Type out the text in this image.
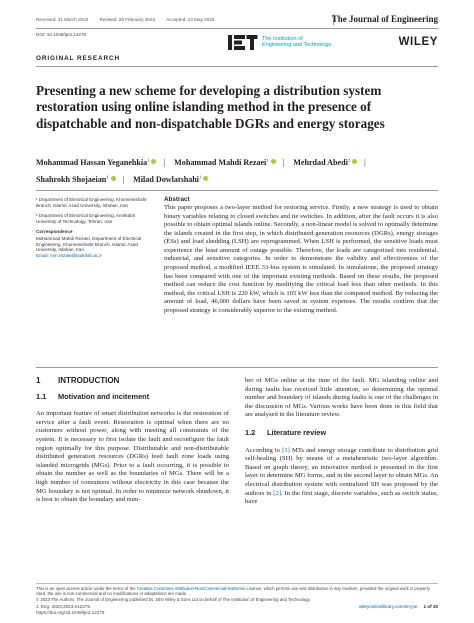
Received: 31 March 2022 Revised: 28 February 2023 Accepted: 23 May 2023	The Journal of Engineering
DOI: 10.1049/tje2.12279
The Institution of
Engineering and Technology	WILEY
ORIGINAL RESEARCH
Presenting a new scheme for developing a distribution system restoration using online islanding method in the presence of dispatchable and non-dispatchable DGRs and energy storages
Mohammad Hassan Yeganehkia$^1$ | Mohammad Mahdi Rezaei$^1$ | Mehrdad Abedi$^2$ |
Shahrokh Shojaeian$^1$ | Milad Dowlatshahi$^1$

¹ Department of Electrical Engineering, Khomeinishahr Branch, Islamic Azad University, Isfahan, Iran

² Department of Electrical Engineering, Amirkabir University of Technology, Tehran, Iran

Correspondence

Mohammad Mahdi Rezaei, Department of Electrical Engineering, Khomeinishahr Branch, Islamic Azad University, Isfahan, Iran.
Email: mm.rezaei@iaukhsh.ac.ir

Abstract
This paper proposes a two-layer method for restoring service. Firstly, a new strategy is used to obtain binary variables relating to closed switches and tie switches. In addition, after the fault occurs it is also possible to obtain optimal islands online. Secondly, a non-linear model is solved to optimally determine the islands created in the first step, in which distributed generation resources (DGRs), energy storages (ESs) and load shedding (LSH) are reprogrammed. When LSH is performed, the sensitive loads must experience the least amount of outage possible. Therefore, the loads are categorized into residential, industrial, and sensitive categories. In order to demonstrate the validity and effectiveness of the proposed method, a modified IEEE 33-bus system is simulated. In simulations, the proposed strategy has been compared with one of the important existing methods. Based on these results, the proposed method can reduce the cost function by modifying the critical load less than other methods. In this method, the critical LSH is 220 kW, which is 105 kW less than the compared method. By reducing the amount of load, 46,000 dollars have been saved in system expenses. The results confirm that the proposed strategy is considerably superior to the existing method.
1 INTRODUCTION
1.1 Motivation and incitement

An important feature of smart distribution networks is the restoration of service after a fault event. Restoration is optimal when there are no customers without power, along with meeting all constraints of the system. It is necessary to first isolate the fault and reconfigure the fault region optimally for this purpose. Distributable and non-distributable distributed generation resources (DGRs) feed fault zone loads using islanded microgrids (MGs). Prior to a fault occurring, it is possible to obtain the number as well as the boundaries of MGs. There will be a high number of consumers without electricity in this case because the MG boundary is not optimal. In order to minimize network shutdown, it is best to obtain the boundary and num-

ber of MGs online at the time of the fault. MG islanding online and during faults has received little attention, so determining the optimal number and boundary of islands during faults is one of the challenges in the discussion of MGs. Various works have been done in this field that are analysed in the literature review.

1.2 Literature review

According to [1] MTs and energy storage contribute to distribution grid self-healing (SH) by means of a metaheuristic two-layer algorithm. Based on graph theory, an innovative method is presented in the first layer to determine MG forms, and in the second layer to obtain MGs. An electrical distribution system with centralized SH was proposed by the authors in [2]. In the first stage, discrete variables, such as switch status, have

This is an open access article under the terms of the Creative Commons Attribution-NonCommercial-NoDerivs License, which permits use and distribution in any medium, provided the original work is properly cited, the use is non-commercial and no modifications or adaptations are made.
© 2023 The Authors. The Journal of Engineering published by John Wiley & Sons Ltd on behalf of The Institution of Engineering and Technology.
J. Eng. 2023;2023:e12279.
https://doi.org/10.1049/tje2.12279
wileyonlinelibrary.com/iet-joe 1 of 15
